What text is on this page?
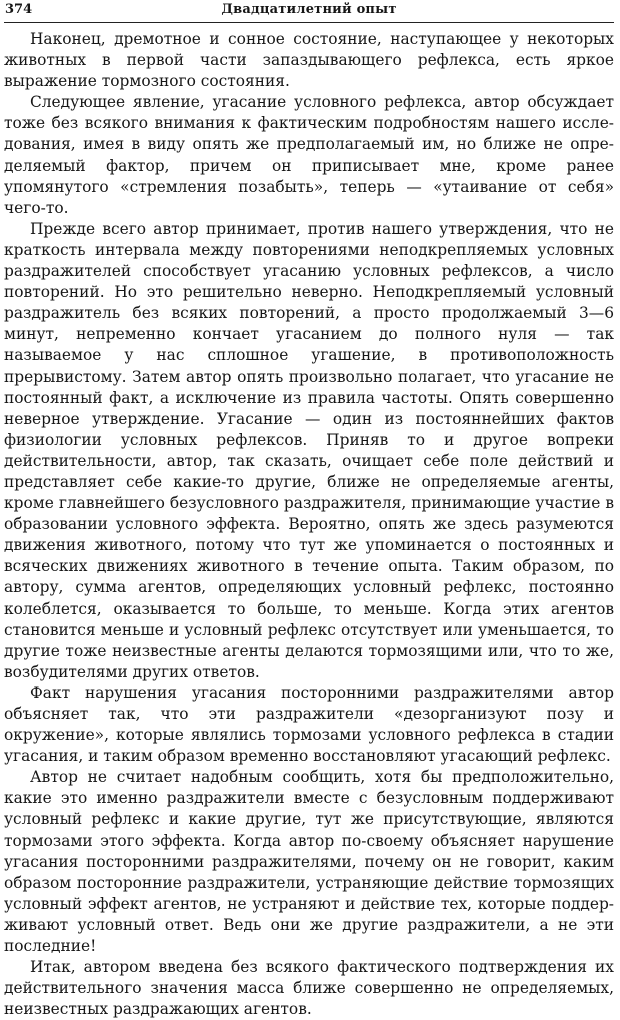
374	Двадцатилетний опыт

Наконец, дремотное и сонное состояние, наступающее у некоторых животных в первой части запаздывающего рефлекса, есть яркое выражение тормозного состояния.

Следующее явление, угасание условного рефлекса, автор обсуждает тоже без всякого внимания к фактическим подробностям нашего исследования, имея в виду опять же предполагаемый им, но ближе не определяемый фактор, причем он приписывает мне, кроме ранее упомянутого «стремления позабыть», теперь — «утаивание от себя» чего-то.

Прежде всего автор принимает, против нашего утверждения, что не краткость интервала между повторениями неподкрепляемых условных раздражителей способствует угасанию условных рефлексов, а число повторений. Но это решительно неверно. Неподкрепляемый условный раздражитель без всяких повторений, а просто продолжаемый 3—6 минут, непременно кончает угасанием до полного нуля — так называемое у нас сплошное угашение, в противоположность прерывистому. Затем автор опять произвольно полагает, что угасание не постоянный факт, а исключение из правила частоты. Опять совершенно неверное утверждение. Угасание — один из постояннейших фактов физиологии условных рефлексов. Приняв то и другое вопреки действительности, автор, так сказать, очищает себе поле действий и представляет себе какие-то другие, ближе не определяемые агенты, кроме главнейшего безусловного раздражителя, принимающие участие в образовании условного эффекта. Вероятно, опять же здесь разумеются движения животного, потому что тут же упоминается о постоянных и всяческих движениях животного в течение опыта. Таким образом, по автору, сумма агентов, определяющих условный рефлекс, постоянно колеблется, оказывается то больше, то меньше. Когда этих агентов становится меньше и условный рефлекс отсутствует или уменьшается, то другие тоже неизвестные агенты делаются тормозящими или, что то же, возбудителями других ответов.

Факт нарушения угасания посторонними раздражителями автор объясняет так, что эти раздражители «дезорганизуют позу и окружение», которые являлись тормозами условного рефлекса в стадии угасания, и таким образом временно восстановляют угасающий рефлекс.

Автор не считает надобным сообщить, хотя бы предположительно, какие это именно раздражители вместе с безусловным поддерживают условный рефлекс и какие другие, тут же присутствующие, являются тормозами этого эффекта. Когда автор по-своему объясняет нарушение угасания посторонними раздражителями, почему он не говорит, каким образом посторонние раздражители, устраняющие действие тормозящих условный эффект агентов, не устраняют и действие тех, которые поддерживают условный ответ. Ведь они же другие раздражители, а не эти последние!

Итак, автором введена без всякого фактического подтверждения их действительного значения масса ближе совершенно не определяемых, неизвестных раздражающих агентов.
